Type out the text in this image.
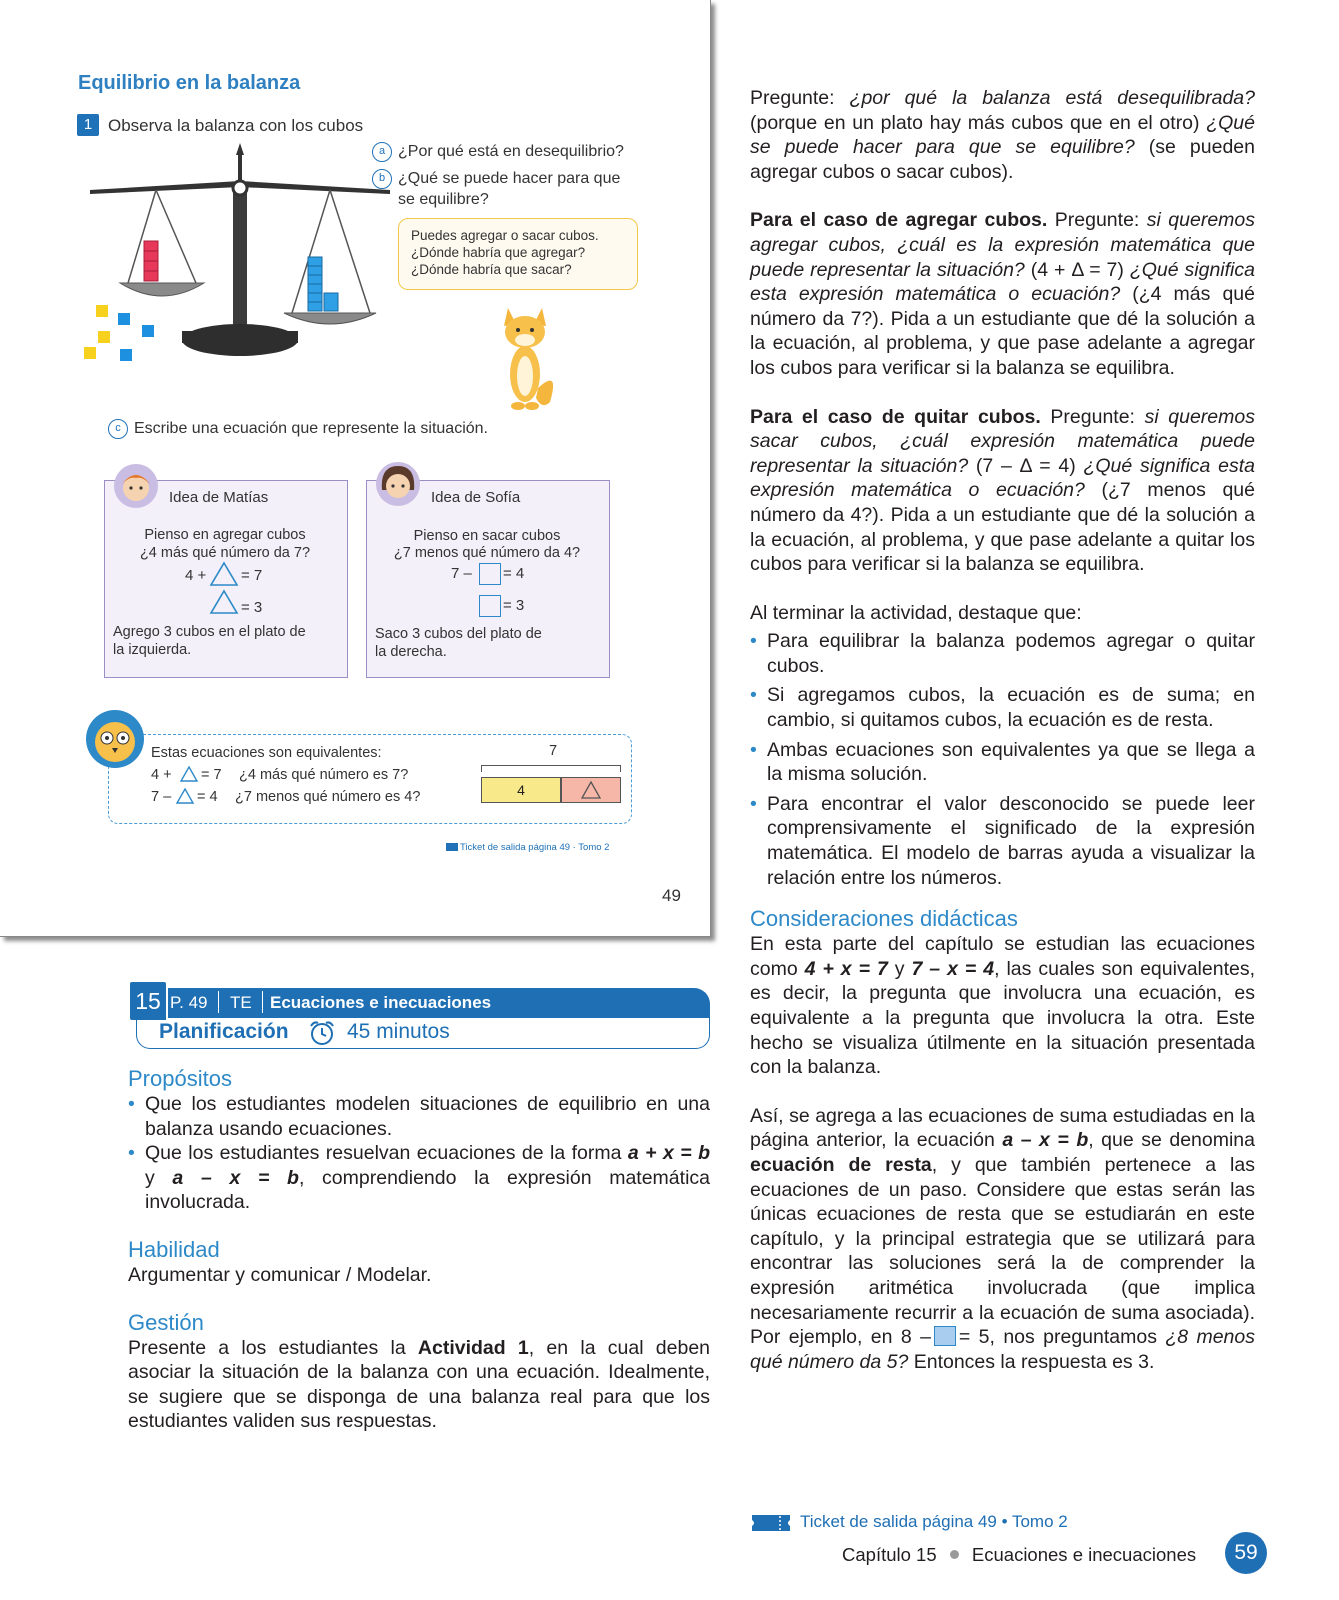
Equilibrio en la balanza
1 Observa la balanza con los cubos
a ¿Por qué está en desequilibrio?
b ¿Qué se puede hacer para que
se equilibre?
Puedes agregar o sacar cubos.
¿Dónde habría que agregar?
¿Dónde habría que sacar?
c Escribe una ecuación que represente la situación.
Idea de Matías
Pienso en agregar cubos
¿4 más qué número da 7?
4 + = 7
= 3
Agrego 3 cubos en el plato de
la izquierda.
Idea de Sofía
Pienso en sacar cubos
¿7 menos qué número da 4?
7 – = 4
= 3
Saco 3 cubos del plato de
la derecha.
Estas ecuaciones son equivalentes:
4 + = 7 ¿4 más qué número es 7?
7 – = 4 ¿7 menos qué número es 4?
7
4
Ticket de salida página 49 · Tomo 2
49
P. 49 TE Ecuaciones e inecuaciones
15
Planificación	45 minutos
Propósitos
• Que los estudiantes modelen situaciones de equilibrio en una balanza usando ecuaciones.
• Que los estudiantes resuelvan ecuaciones de la forma a + x = b y a – x = b, comprendiendo la expresión matemática involucrada.
Habilidad
Argumentar y comunicar / Modelar.
Gestión
Presente a los estudiantes la Actividad 1, en la cual deben asociar la situación de la balanza con una ecuación. Idealmente, se sugiere que se disponga de una balanza real para que los estudiantes validen sus respuestas.
Pregunte: ¿por qué la balanza está desequilibrada? (porque en un plato hay más cubos que en el otro) ¿Qué se puede hacer para que se equilibre? (se pueden agregar cubos o sacar cubos).
Para el caso de agregar cubos. Pregunte: si queremos agregar cubos, ¿cuál es la expresión matemática que puede representar la situación? (4 + Δ = 7) ¿Qué significa esta expresión matemática o ecuación? (¿4 más qué número da 7?). Pida a un estudiante que dé la solución a la ecuación, al problema, y que pase adelante a agregar los cubos para verificar si la balanza se equilibra.
Para el caso de quitar cubos. Pregunte: si queremos sacar cubos, ¿cuál expresión matemática puede representar la situación? (7 – Δ = 4) ¿Qué significa esta expresión matemática o ecuación? (¿7 menos qué número da 4?). Pida a un estudiante que dé la solución a la ecuación, al problema, y que pase adelante a quitar los cubos para verificar si la balanza se equilibra.
Al terminar la actividad, destaque que:
• Para equilibrar la balanza podemos agregar o quitar cubos.
• Si agregamos cubos, la ecuación es de suma; en cambio, si quitamos cubos, la ecuación es de resta.
• Ambas ecuaciones son equivalentes ya que se llega a la misma solución.
• Para encontrar el valor desconocido se puede leer comprensivamente el significado de la expresión matemática. El modelo de barras ayuda a visualizar la relación entre los números.
Consideraciones didácticas
En esta parte del capítulo se estudian las ecuaciones como 4 + x = 7 y 7 – x = 4, las cuales son equivalentes, es decir, la pregunta que involucra una ecuación, es equivalente a la pregunta que involucra la otra. Este hecho se visualiza útilmente en la situación presentada con la balanza.
Así, se agrega a las ecuaciones de suma estudiadas en la página anterior, la ecuación a – x = b, que se denomina ecuación de resta, y que también pertenece a las ecuaciones de un paso. Considere que estas serán las únicas ecuaciones de resta que se estudiarán en este capítulo, y la principal estrategia que se utilizará para encontrar las soluciones será la de comprender la expresión aritmética involucrada (que implica necesariamente recurrir a la ecuación de suma asociada). Por ejemplo, en 8 – = 5, nos preguntamos ¿8 menos qué número da 5? Entonces la respuesta es 3.
Ticket de salida página 49 • Tomo 2
Capítulo 15 Ecuaciones e inecuaciones	59
